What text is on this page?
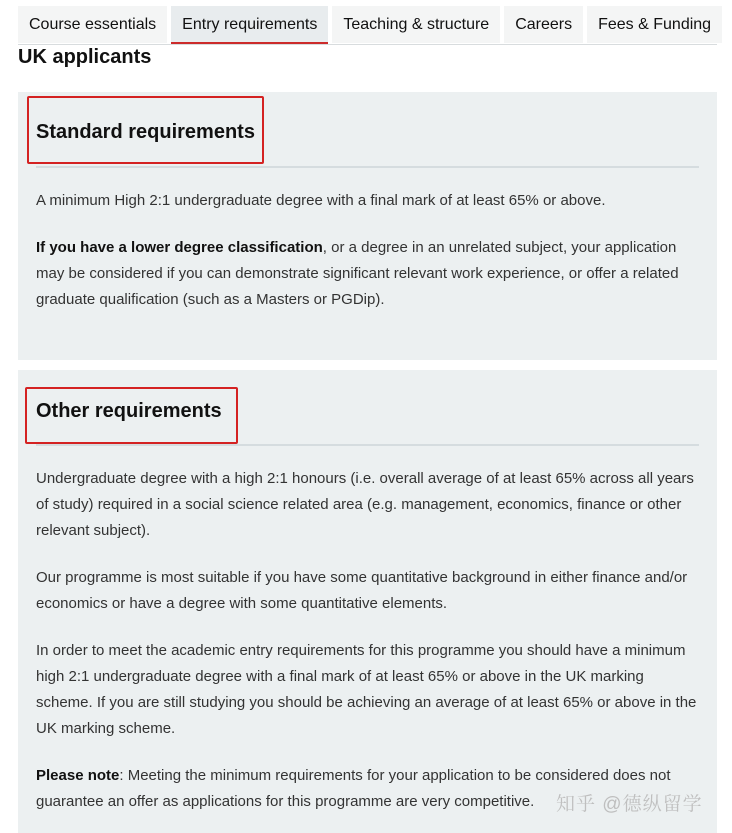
Course essentials	Entry requirements	Teaching & structure	Careers	Fees & Funding
UK applicants
Standard requirements

A minimum High 2:1 undergraduate degree with a final mark of at least 65% or above.

If you have a lower degree classification, or a degree in an unrelated subject, your application may be considered if you can demonstrate significant relevant work experience, or offer a related graduate qualification (such as a Masters or PGDip).

Other requirements

Undergraduate degree with a high 2:1 honours (i.e. overall average of at least 65% across all years of study) required in a social science related area (e.g. management, economics, finance or other relevant subject).

Our programme is most suitable if you have some quantitative background in either finance and/or economics or have a degree with some quantitative elements.

In order to meet the academic entry requirements for this programme you should have a minimum high 2:1 undergraduate degree with a final mark of at least 65% or above in the UK marking scheme. If you are still studying you should be achieving an average of at least 65% or above in the UK marking scheme.

Please note: Meeting the minimum requirements for your application to be considered does not guarantee an offer as applications for this programme are very competitive.	知乎 @德纵留学
